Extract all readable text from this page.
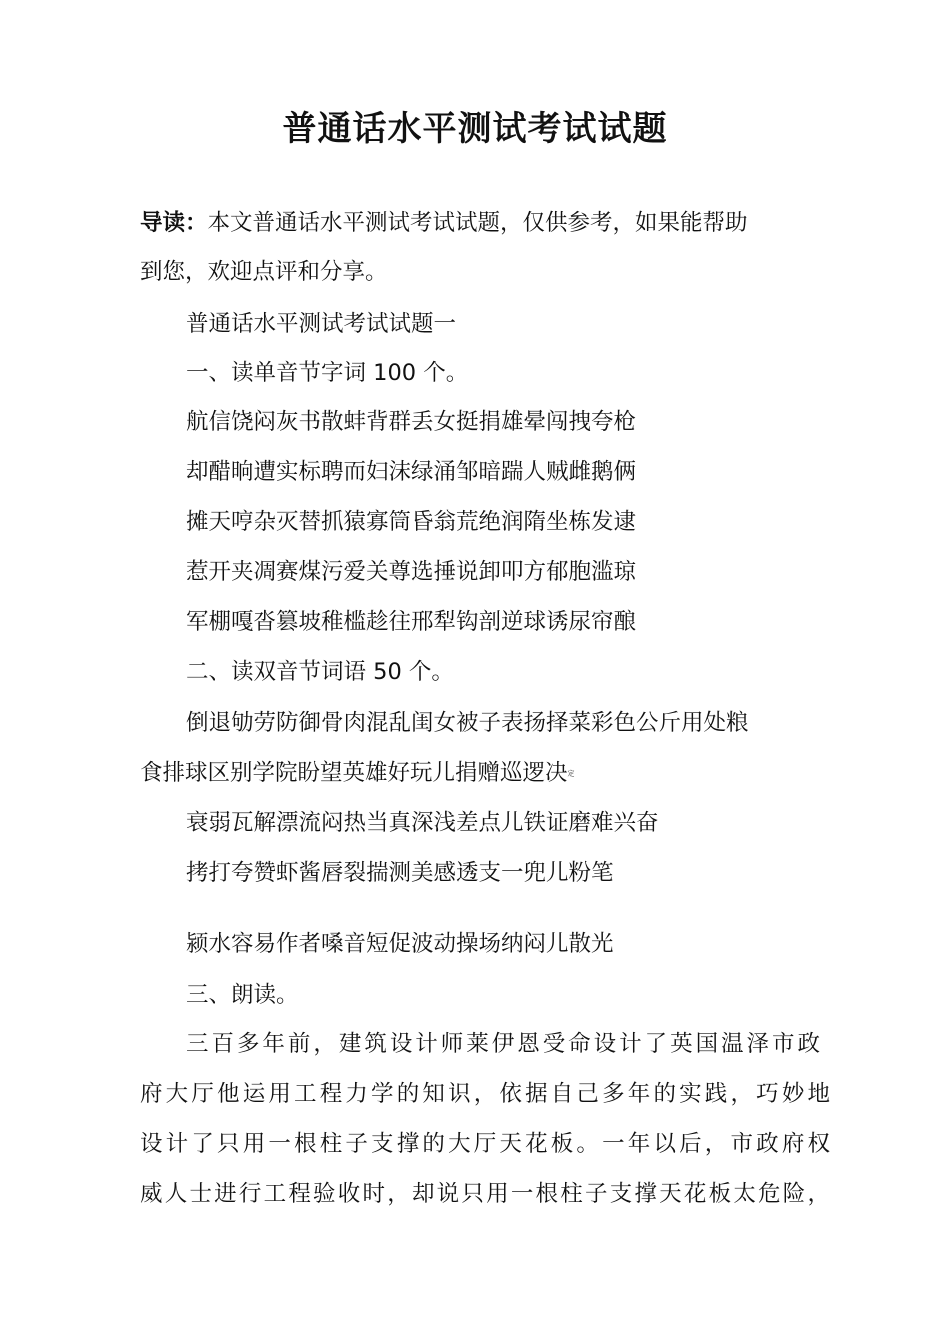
普通话水平测试考试试题
导读：本文普通话水平测试考试试题，仅供参考，如果能帮助
到您，欢迎点评和分享。
普通话水平测试考试试题一
一、读单音节字词 100 个。
航信饶闷灰书散蚌背群丢女挺捐雄晕闯拽夸枪
却醋晌遭实标聘而妇沫绿涌邹暗踹人贼雌鹅俩
摊天哼杂灭替抓猿寡筒昏翁荒绝润隋坐栋发逮
惹开夹凋赛煤污爱关尊选捶说卸叩方郁胞滥琼
军棚嘎沓篡坡稚槛趁往邢犁钩剖逆球诱尿帘酿
二、读双音节词语 50 个。
倒退劬劳防御骨肉混乱闺女被子表扬择菜彩色公斤用处粮
食排球区别学院盼望英雄好玩儿捐赠巡逻决定
衰弱瓦解漂流闷热当真深浅差点儿铁证磨难兴奋
拷打夸赞虾酱唇裂揣测美感透支一兜儿粉笔
颍水容易作者嗓音短促波动操场纳闷儿散光
三、朗读。
三百多年前，建筑设计师莱伊恩受命设计了英国温泽市政
府大厅他运用工程力学的知识，依据自己多年的实践，巧妙地
设计了只用一根柱子支撑的大厅天花板。一年以后，市政府权
威人士进行工程验收时，却说只用一根柱子支撑天花板太危险，
